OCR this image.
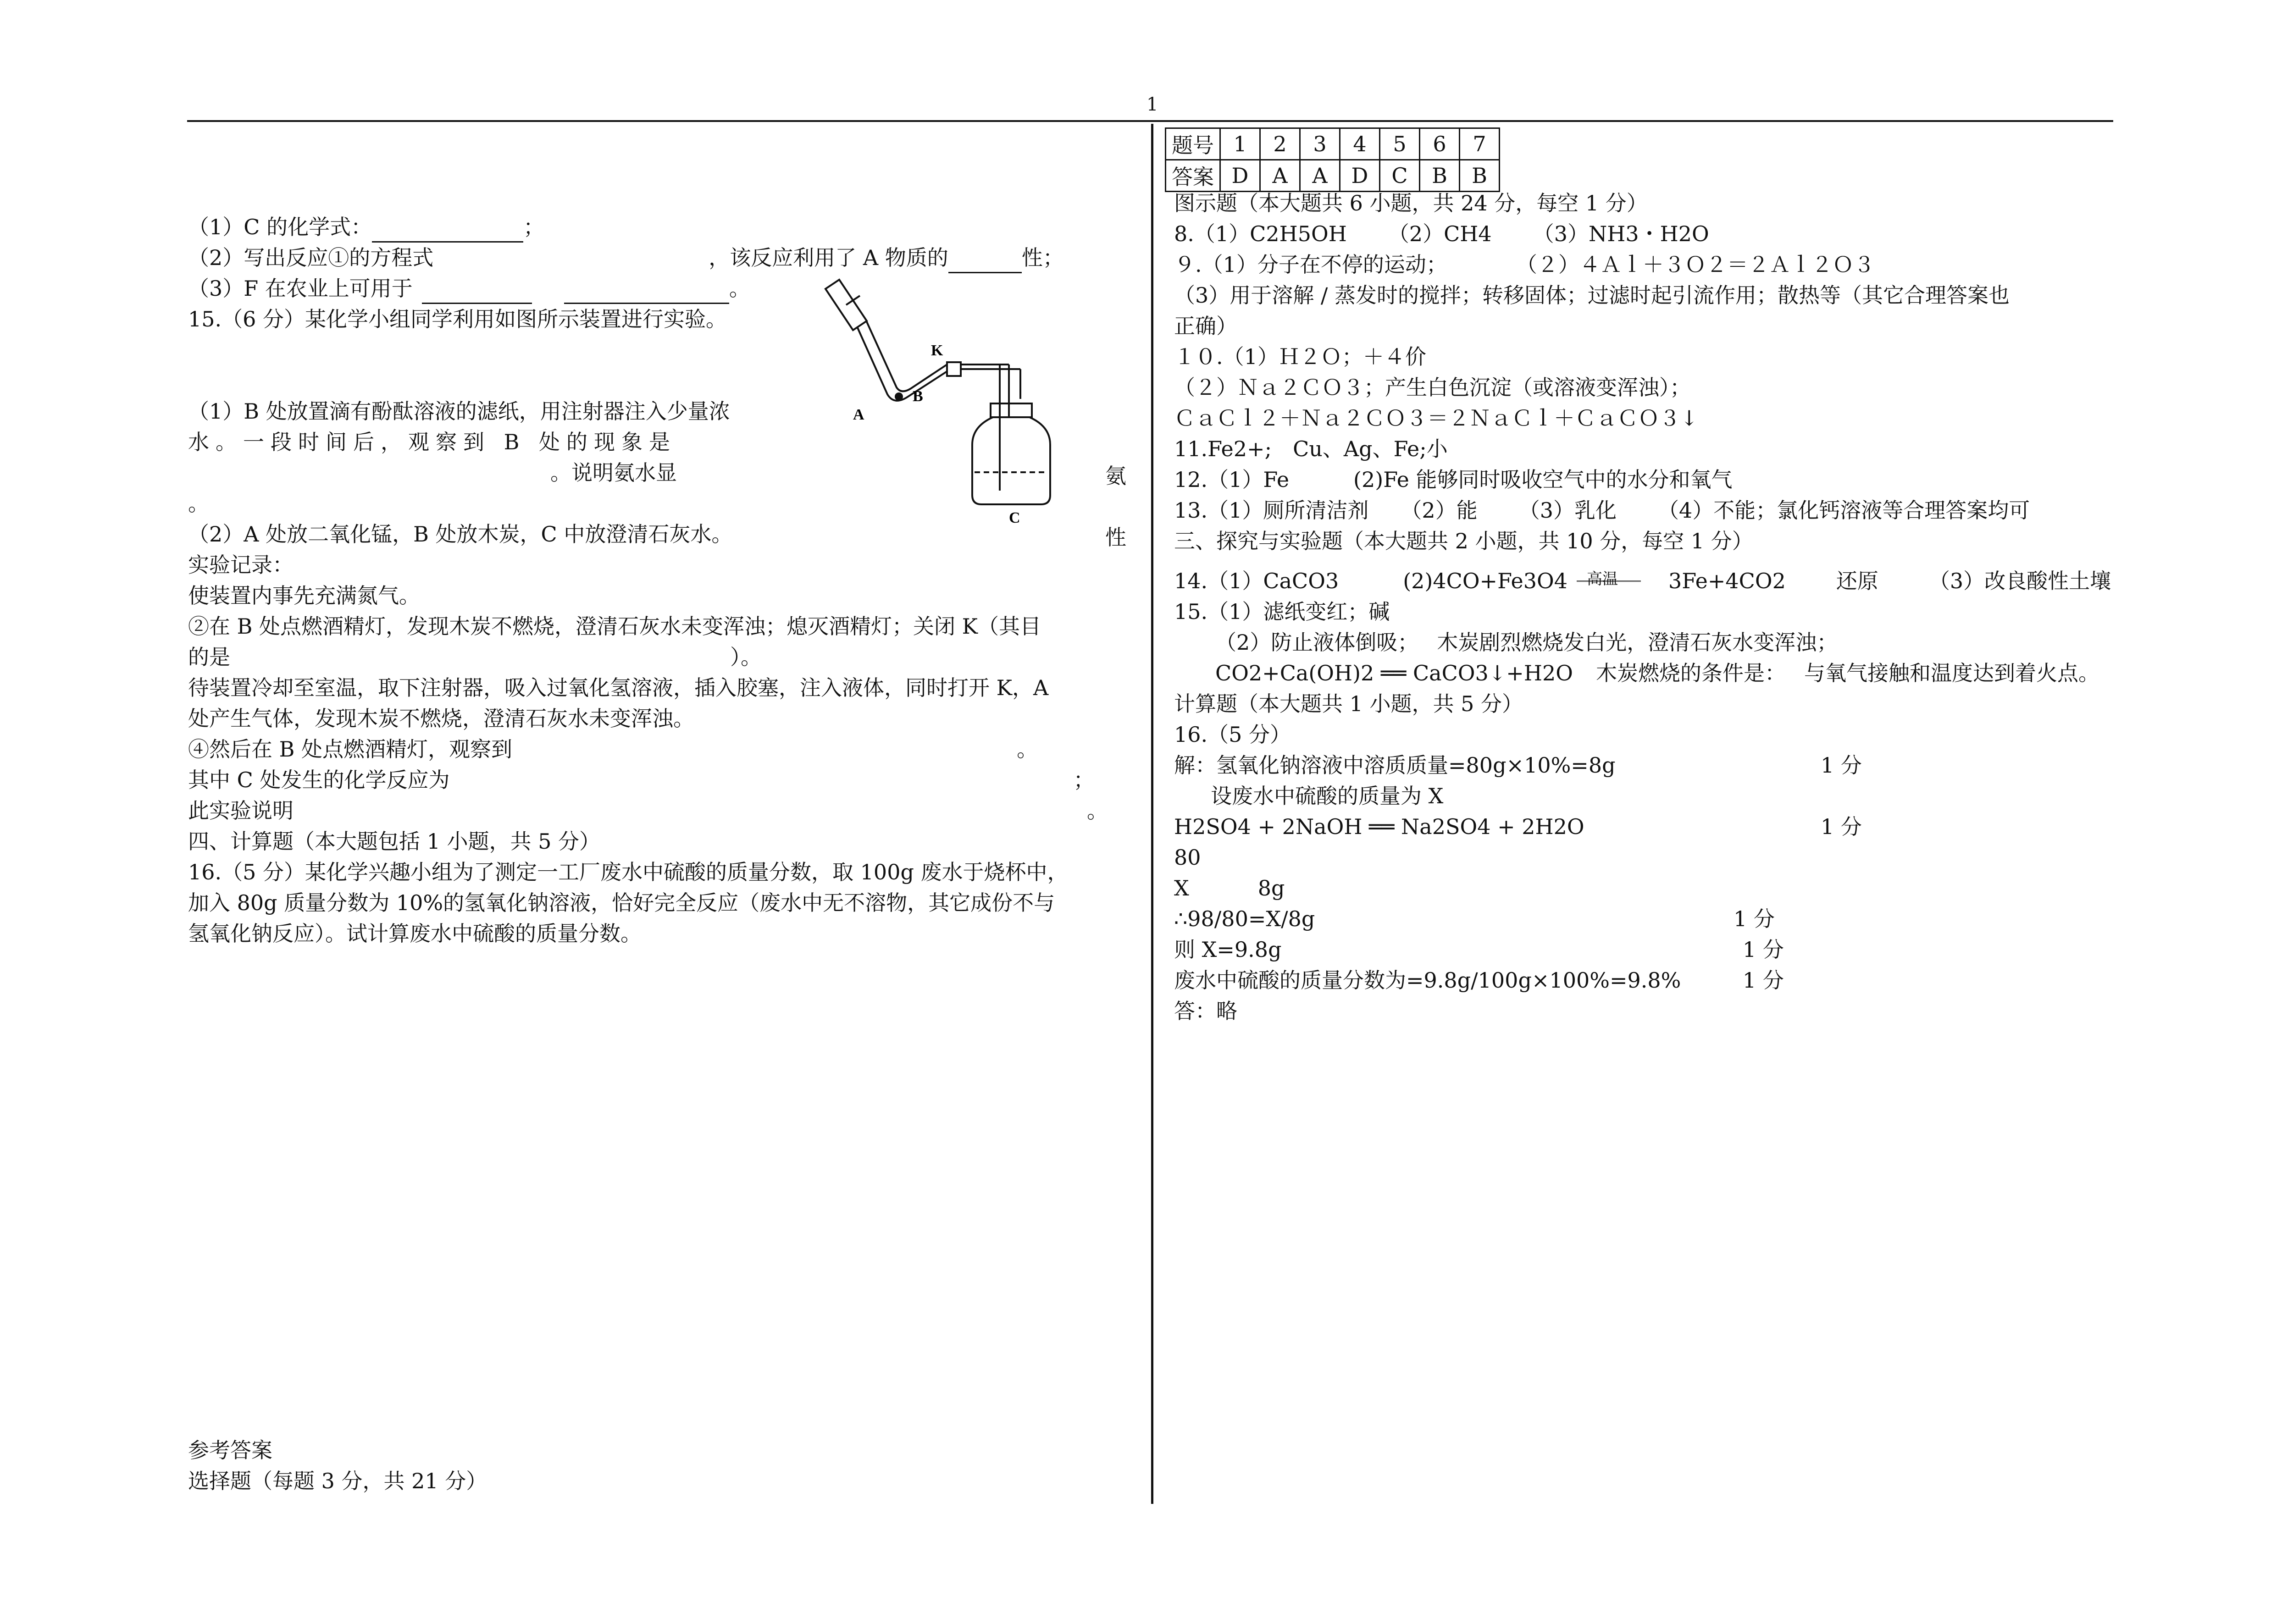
1
（1）C 的化学式：	；
（2）写出反应①的方程式	，该反应利用了 A 物质的	性；
（3）F 在农业上可用于	。
15.（6 分）某化学小组同学利用如图所示装置进行实验。
（1）B 处放置滴有酚酞溶液的滤纸，用注射器注入少量浓
水。一段时间后，观察到 B 处的现象是
。说明氨水显
。
（2）A 处放二氧化锰，B 处放木炭，C 中放澄清石灰水。
实验记录：
使装置内事先充满氮气。
②在 B 处点燃酒精灯，发现木炭不燃烧，澄清石灰水未变浑浊；熄灭酒精灯；关闭 K（其目
的是	）。
待装置冷却至室温，取下注射器，吸入过氧化氢溶液，插入胶塞，注入液体，同时打开 K，A
处产生气体，发现木炭不燃烧，澄清石灰水未变浑浊。
④然后在 B 处点燃酒精灯，观察到	。
其中 C 处发生的化学反应为	；
此实验说明	。
四、计算题（本大题包括 1 小题，共 5 分）
16.（5 分）某化学兴趣小组为了测定一工厂废水中硫酸的质量分数，取 100g 废水于烧杯中，
加入 80g 质量分数为 10%的氢氧化钠溶液，恰好完全反应（废水中无不溶物，其它成份不与
氢氧化钠反应）。试计算废水中硫酸的质量分数。
氨
性
K
A
B
C
参考答案
选择题（每题 3 分，共 21 分）
题号	1	2	3	4	5	6	7
答案	D	A	A	D	C	B	B
图示题（本大题共 6 小题，共 24 分，每空 1 分）
8.（1）C2H5OH （2）CH4 （3）NH3・H2O
９.（1）分子在不停的运动；	（２）４Ａｌ＋３Ｏ２＝２Ａｌ２Ｏ３
（3）用于溶解 / 蒸发时的搅拌；转移固体；过滤时起引流作用；散热等（其它合理答案也
正确）
１０.（1）Ｈ２Ｏ；＋４价
（２）Ｎａ２ＣＯ３；产生白色沉淀（或溶液变浑浊）；
ＣａＣｌ２＋Ｎａ２ＣＯ３＝２ＮａＣｌ＋ＣａＣＯ３↓
11.Fe2+;　Cu、Ag、Fe;小
12.（1）Fe	(2)Fe 能够同时吸收空气中的水分和氧气
13.（1）厕所清洁剂 （2）能 （3）乳化 （4）不能；氯化钙溶液等合理答案均可
三、探究与实验题（本大题共 2 小题，共 10 分，每空 1 分）
14.（1）CaCO3	(2)4CO+Fe3O4	3Fe+4CO2 还原 （3）改良酸性土壤
15.（1）滤纸变红；碱
（2）防止液体倒吸； 木炭剧烈燃烧发白光，澄清石灰水变浑浊；
CO2+Ca(OH)2 ══ CaCO3↓+H2O 木炭燃烧的条件是： 与氧气接触和温度达到着火点。
计算题（本大题共 1 小题，共 5 分）
16.（5 分）
解：氢氧化钠溶液中溶质质量=80g×10%=8g	1 分
设废水中硫酸的质量为 X
H2SO4 + 2NaOH ══ Na2SO4 + 2H2O	1 分
80
X	8g
∴98/80=X/8g	1 分
则 X=9.8g	1 分
废水中硫酸的质量分数为=9.8g/100g×100%=9.8%	1 分
答：略
高温
